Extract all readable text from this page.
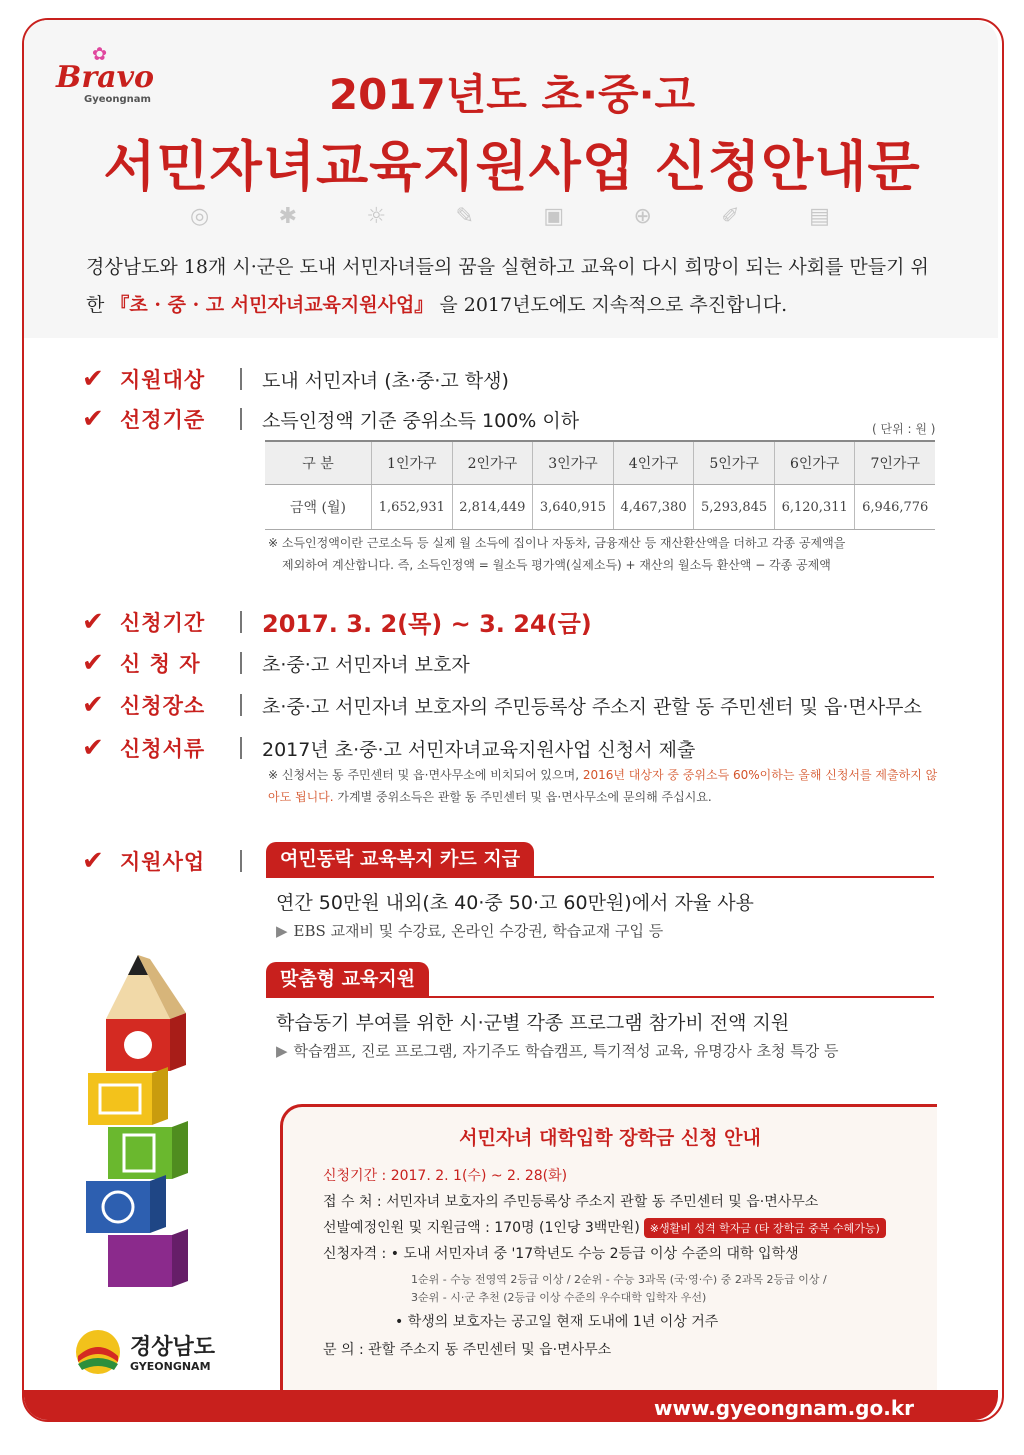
✿
Bravo
Gyeongnam	2017년도 초·중·고
서민자녀교육지원사업 신청안내문
◎	✱	☼	✎	▣	⊕	✐	▤
경상남도와 18개 시·군은 도내 서민자녀들의 꿈을 실현하고 교육이 다시 희망이 되는 사회를 만들기 위한 『초 · 중 · 고 서민자녀교육지원사업』 을 2017년도에도 지속적으로 추진합니다.
✔ 지원대상	도내 서민자녀 (초·중·고 학생)
✔ 선정기준	소득인정액 기준 중위소득 100% 이하	( 단위 : 원 )
구 분	1인가구	2인가구	3인가구	4인가구	5인가구	6인가구	7인가구
금액 (월)	1,652,931	2,814,449	3,640,915	4,467,380	5,293,845	6,120,311	6,946,776
※ 소득인정액이란 근로소득 등 실제 월 소득에 집이나 자동차, 금융재산 등 재산환산액을 더하고 각종 공제액을
제외하여 계산합니다. 즉, 소득인정액 = 월소득 평가액(실제소득) + 재산의 월소득 환산액 − 각종 공제액
✔ 신청기간	2017. 3. 2(목) ~ 3. 24(금)
✔ 신 청 자	초·중·고 서민자녀 보호자
✔ 신청장소	초·중·고 서민자녀 보호자의 주민등록상 주소지 관할 동 주민센터 및 읍·면사무소
✔ 신청서류	2017년 초·중·고 서민자녀교육지원사업 신청서 제출
※ 신청서는 동 주민센터 및 읍·면사무소에 비치되어 있으며, 2016년 대상자 중 중위소득 60%이하는 올해 신청서를 제출하지 않아도 됩니다. 가계별 중위소득은 관할 동 주민센터 및 읍·면사무소에 문의해 주십시요.
✔ 지원사업	여민동락 교육복지 카드 지급
연간 50만원 내외(초 40·중 50·고 60만원)에서 자율 사용
▶ EBS 교재비 및 수강료, 온라인 수강권, 학습교재 구입 등
맞춤형 교육지원
학습동기 부여를 위한 시·군별 각종 프로그램 참가비 전액 지원
▶ 학습캠프, 진로 프로그램, 자기주도 학습캠프, 특기적성 교육, 유명강사 초청 특강 등
서민자녀 대학입학 장학금 신청 안내
신청기간 : 2017. 2. 1(수) ~ 2. 28(화)
접 수 처 : 서민자녀 보호자의 주민등록상 주소지 관할 동 주민센터 및 읍·면사무소
선발예정인원 및 지원금액 : 170명 (1인당 3백만원) ※생활비 성격 학자금 (타 장학금 중복 수혜가능)
신청자격 : • 도내 서민자녀 중 '17학년도 수능 2등급 이상 수준의 대학 입학생
1순위 - 수능 전영역 2등급 이상 / 2순위 - 수능 3과목 (국·영·수) 중 2과목 2등급 이상 /
3순위 - 시·군 추천 (2등급 이상 수준의 우수대학 입학자 우선)
• 학생의 보호자는 공고일 현재 도내에 1년 이상 거주
문 의 : 관할 주소지 동 주민센터 및 읍·면사무소
경상남도
GYEONGNAM
www.gyeongnam.go.kr
